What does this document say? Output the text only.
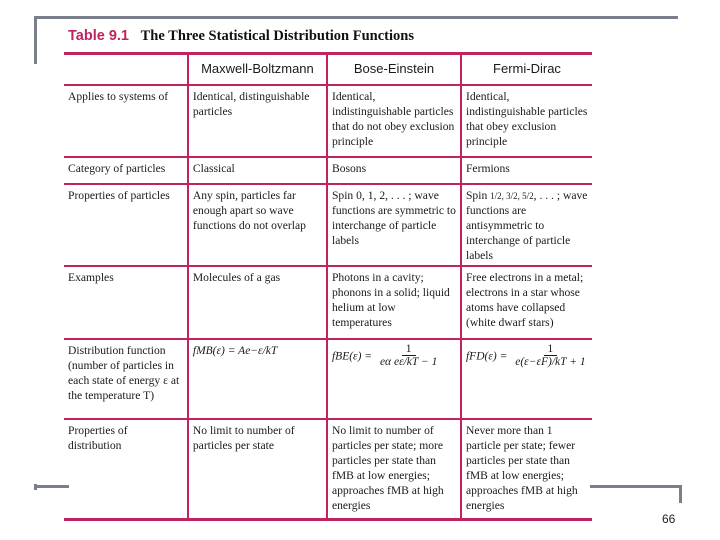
Table 9.1 The Three Statistical Distribution Functions
	Maxwell-Boltzmann	Bose-Einstein	Fermi-Dirac
Applies to systems of	Identical, distinguishable particles	Identical, indistinguishable particles that do not obey exclusion principle	Identical, indistinguishable particles that obey exclusion principle
Category of particles	Classical	Bosons	Fermions
Properties of particles	Any spin, particles far enough apart so wave functions do not overlap	Spin 0, 1, 2, . . . ; wave functions are symmetric to interchange of particle labels	Spin 1/2, 3/2, 5/2, . . . ; wave functions are antisymmetric to interchange of particle labels
Examples	Molecules of a gas	Photons in a cavity; phonons in a solid; liquid helium at low temperatures	Free electrons in a metal; electrons in a star whose atoms have collapsed (white dwarf stars)
Distribution function (number of particles in each state of energy ε at the temperature T)	fMB(ε) = Ae−ε/kT	$fBE(\varepsilon) = \frac{1}{\text{eα eε/kT − 1}}$	$fFD(\varepsilon) = \frac{1}{e(\varepsilon-\varepsilon F)/kT + 1}$

Properties of distribution	No limit to number of particles per state	No limit to number of particles per state; more particles per state than fMB at low energies; approaches fMB at high energies	Never more than 1 particle per state; fewer particles per state than fMB at low energies; approaches fMB at high energies
66
